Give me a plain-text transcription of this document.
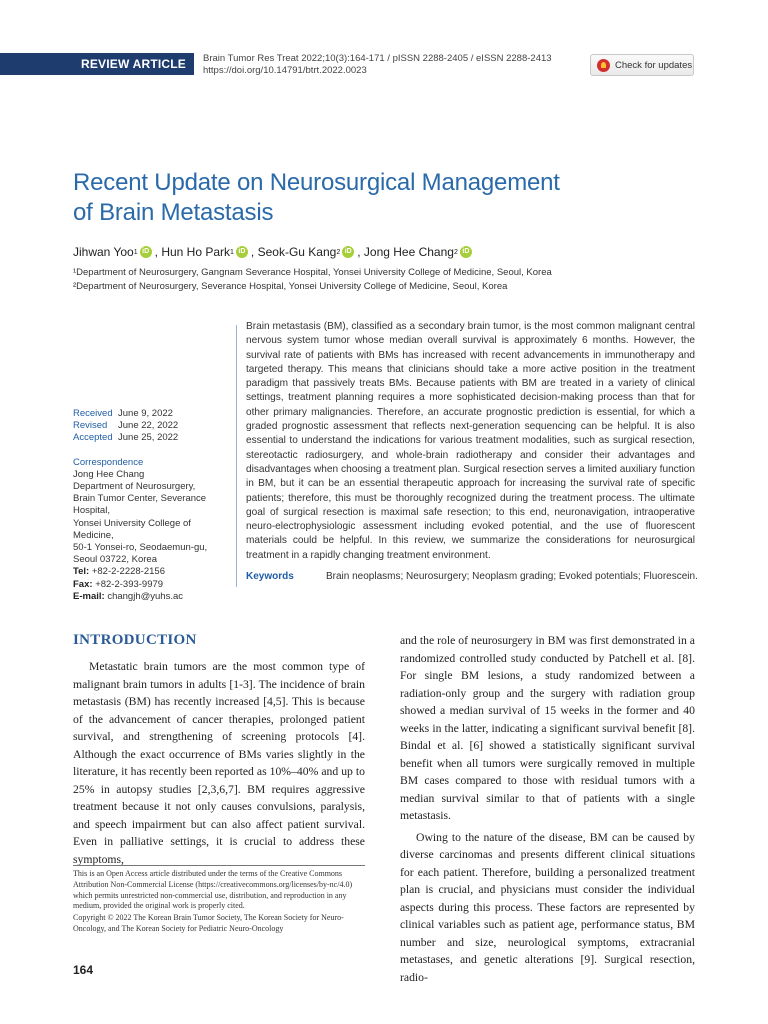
REVIEW ARTICLE	Brain Tumor Res Treat 2022;10(3):164-171 / pISSN 2288-2405 / eISSN 2288-2413
https://doi.org/10.14791/btrt.2022.0023	Check for updates
Recent Update on Neurosurgical Management
of Brain Metastasis
Jihwan Yoo 1 iD , Hun Ho Park 1 iD , Seok-Gu Kang 2 iD , Jong Hee Chang 2 iD
¹Department of Neurosurgery, Gangnam Severance Hospital, Yonsei University College of Medicine, Seoul, Korea
²Department of Neurosurgery, Severance Hospital, Yonsei University College of Medicine, Seoul, Korea
Received June 9, 2022
Revised	June 22, 2022
Accepted June 25, 2022
Correspondence
Jong Hee Chang
Department of Neurosurgery,
Brain Tumor Center, Severance Hospital,
Yonsei University College of Medicine,
50-1 Yonsei-ro, Seodaemun-gu,
Seoul 03722, Korea
Tel: +82-2-2228-2156
Fax: +82-2-393-9979
E-mail: changjh@yuhs.ac
Brain metastasis (BM), classified as a secondary brain tumor, is the most common malignant central nervous system tumor whose median overall survival is approximately 6 months. However, the survival rate of patients with BMs has increased with recent advancements in immunotherapy and targeted therapy. This means that clinicians should take a more active position in the treatment paradigm that passively treats BMs. Because patients with BM are treated in a variety of clinical settings, treatment planning requires a more sophisticated decision-making process than that for other primary malignancies. Therefore, an accurate prognostic prediction is essential, for which a graded prognostic assessment that reflects next-generation sequencing can be helpful. It is also essential to understand the indications for various treatment modalities, such as surgical resection, stereotactic radiosurgery, and whole-brain radiotherapy and consider their advantages and disadvantages when choosing a treatment plan. Surgical resection serves a limited auxiliary function in BM, but it can be an essential therapeutic approach for increasing the survival rate of specific patients; therefore, this must be thoroughly recognized during the treatment process. The ultimate goal of surgical resection is maximal safe resection; to this end, neuronavigation, intraoperative neuro-electrophysiologic assessment including evoked potential, and the use of fluorescent materials could be helpful. In this review, we summarize the considerations for neurosurgical treatment in a rapidly changing treatment environment.
Keywords	Brain neoplasms; Neurosurgery; Neoplasm grading; Evoked potentials; Fluorescein.
INTRODUCTION

Metastatic brain tumors are the most common type of malignant brain tumors in adults [1-3]. The incidence of brain metastasis (BM) has recently increased [4,5]. This is because of the advancement of cancer therapies, prolonged patient survival, and strengthening of screening protocols [4]. Although the exact occurrence of BMs varies slightly in the literature, it has recently been reported as 10%–40% and up to 25% in autopsy studies [2,3,6,7]. BM requires aggressive treatment because it not only causes convulsions, paralysis, and speech impairment but can also affect patient survival. Even in palliative settings, it is crucial to address these symptoms,

and the role of neurosurgery in BM was first demonstrated in a randomized controlled study conducted by Patchell et al. [8]. For single BM lesions, a study randomized between a radiation-only group and the surgery with radiation group showed a median survival of 15 weeks in the former and 40 weeks in the latter, indicating a significant survival benefit [8]. Bindal et al. [6] showed a statistically significant survival benefit when all tumors were surgically removed in multiple BM cases compared to those with residual tumors with a median survival similar to that of patients with a single metastasis.

Owing to the nature of the disease, BM can be caused by diverse carcinomas and presents different clinical situations for each patient. Therefore, building a personalized treatment plan is crucial, and physicians must consider the individual aspects during this process. These factors are represented by clinical variables such as patient age, performance status, BM number and size, neurological symptoms, extracranial metastases, and genetic alterations [9]. Surgical resection, radio-

This is an Open Access article distributed under the terms of the Creative Commons Attribution Non-Commercial License (https://creativecommons.org/licenses/by-nc/4.0) which permits unrestricted non-commercial use, distribution, and reproduction in any medium, provided the original work is properly cited.
Copyright © 2022 The Korean Brain Tumor Society, The Korean Society for Neuro-Oncology, and The Korean Society for Pediatric Neuro-Oncology
164
